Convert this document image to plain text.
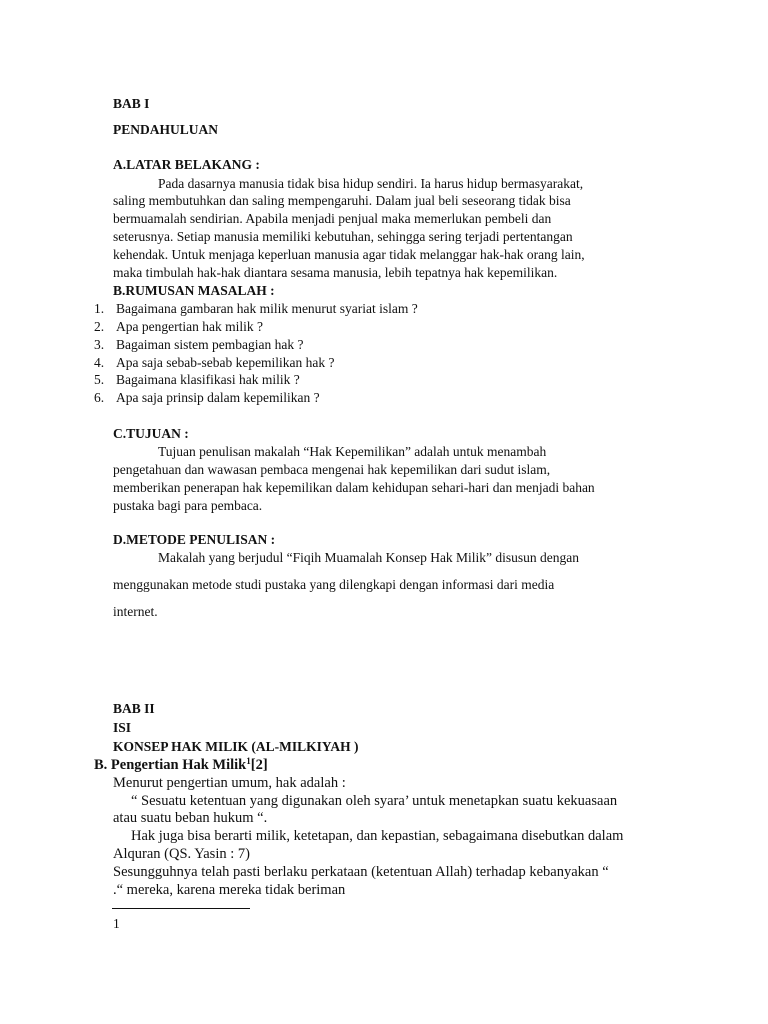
BAB I
PENDAHULUAN
A.LATAR BELAKANG :
Pada dasarnya manusia tidak bisa hidup sendiri. Ia harus hidup bermasyarakat,
saling membutuhkan dan saling mempengaruhi. Dalam jual beli seseorang tidak bisa
bermuamalah sendirian. Apabila menjadi penjual maka memerlukan pembeli dan
seterusnya. Setiap manusia memiliki kebutuhan, sehingga sering terjadi pertentangan
kehendak. Untuk menjaga keperluan manusia agar tidak melanggar hak-hak orang lain,
maka timbulah hak-hak diantara sesama manusia, lebih tepatnya hak kepemilikan.
B.RUMUSAN MASALAH :
1. Bagaimana gambaran hak milik menurut syariat islam ?
2. Apa pengertian hak milik ?
3. Bagaiman sistem pembagian hak ?
4. Apa saja sebab-sebab kepemilikan hak ?
5. Bagaimana klasifikasi hak milik ?
6. Apa saja prinsip dalam kepemilikan ?
C.TUJUAN :
Tujuan penulisan makalah “Hak Kepemilikan” adalah untuk menambah
pengetahuan dan wawasan pembaca mengenai hak kepemilikan dari sudut islam,
memberikan penerapan hak kepemilikan dalam kehidupan sehari-hari dan menjadi bahan
pustaka bagi para pembaca.
D.METODE PENULISAN :
Makalah yang berjudul “Fiqih Muamalah Konsep Hak Milik” disusun dengan
menggunakan metode studi pustaka yang dilengkapi dengan informasi dari media
internet.
BAB II
ISI
KONSEP HAK MILIK (AL-MILKIYAH )
B. Pengertian Hak Milik$^1$[2]
Menurut pengertian umum, hak adalah :
“ Sesuatu ketentuan yang digunakan oleh syara’ untuk menetapkan suatu kekuasaan
atau suatu beban hukum “.
Hak juga bisa berarti milik, ketetapan, dan kepastian, sebagaimana disebutkan dalam
Alquran (QS. Yasin : 7)
Sesungguhnya telah pasti berlaku perkataan (ketentuan Allah) terhadap kebanyakan “
.“ mereka, karena mereka tidak beriman
1
